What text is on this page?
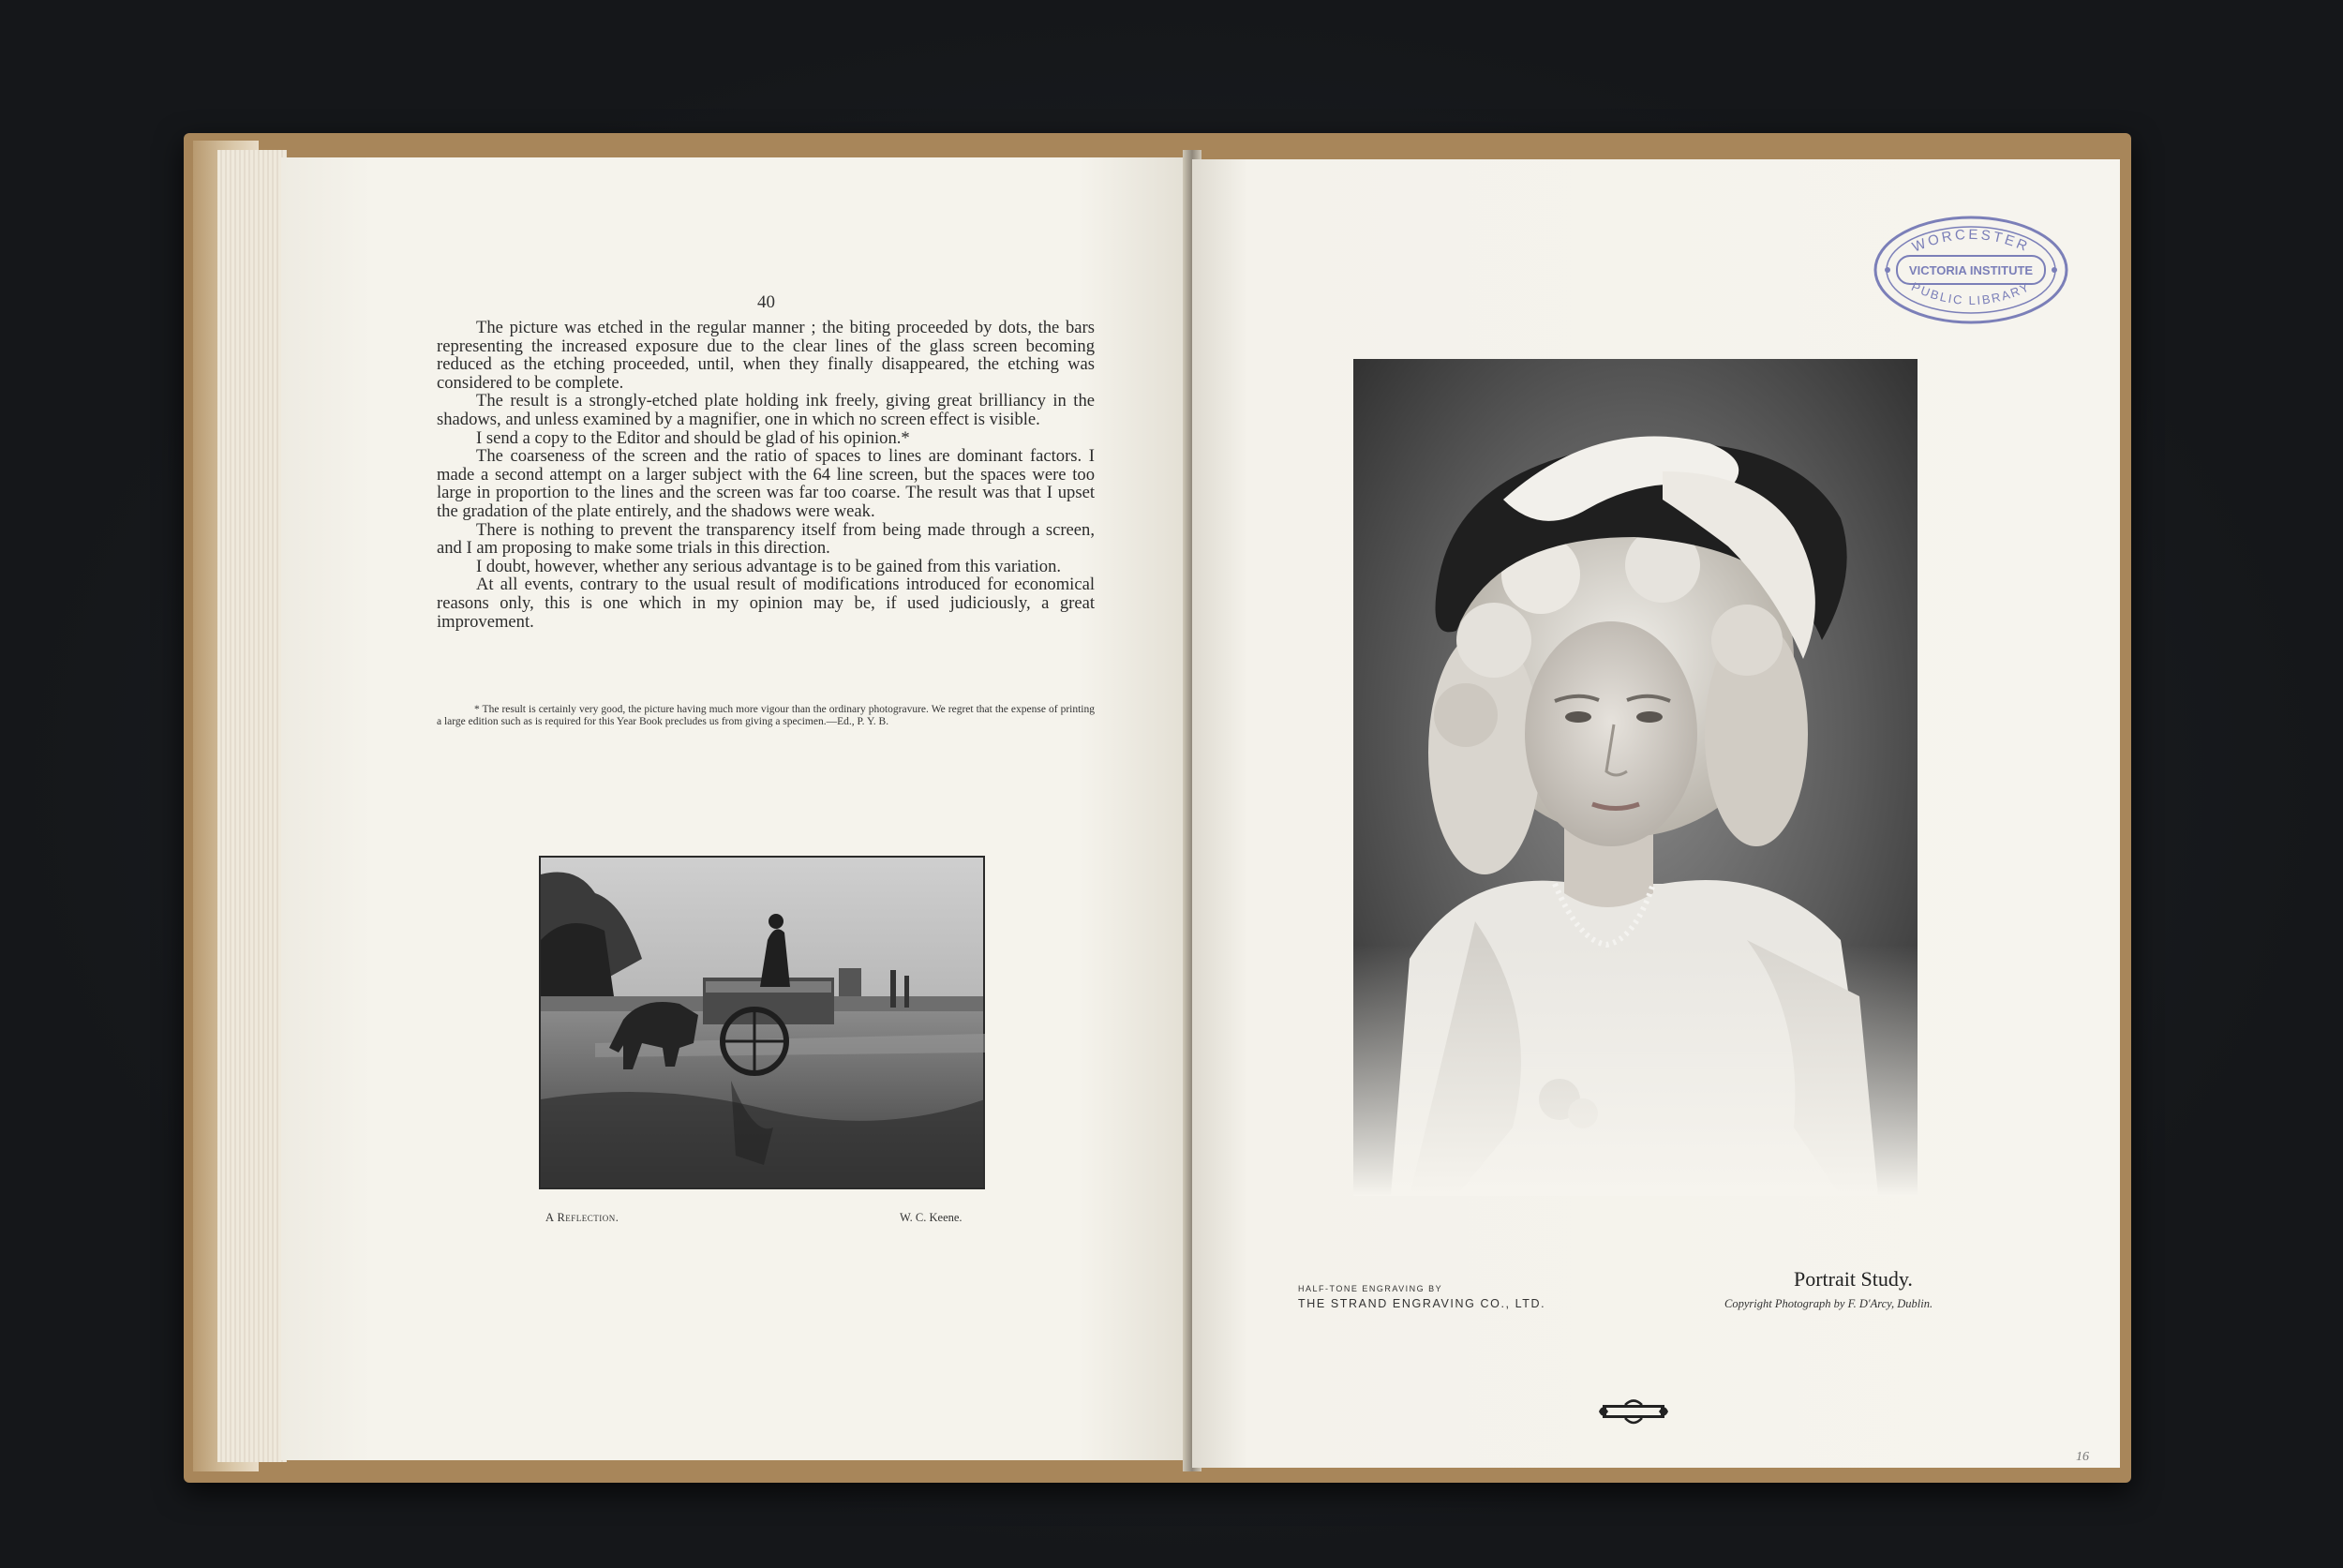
40

The picture was etched in the regular manner ; the biting proceeded by dots, the bars representing the increased exposure due to the clear lines of the glass screen becoming reduced as the etching proceeded, until, when they finally disappeared, the etching was considered to be complete.

The result is a strongly-etched plate holding ink freely, giving great brilliancy in the shadows, and unless examined by a magnifier, one in which no screen effect is visible.

I send a copy to the Editor and should be glad of his opinion.*

The coarseness of the screen and the ratio of spaces to lines are dominant factors. I made a second attempt on a larger subject with the 64 line screen, but the spaces were too large in proportion to the lines and the screen was far too coarse. The result was that I upset the gradation of the plate entirely, and the shadows were weak.

There is nothing to prevent the transparency itself from being made through a screen, and I am proposing to make some trials in this direction.

I doubt, however, whether any serious advantage is to be gained from this variation.

At all events, contrary to the usual result of modifications introduced for economical reasons only, this is one which in my opinion may be, if used judiciously, a great improvement.

* The result is certainly very good, the picture having much more vigour than the ordinary photogravure. We regret that the expense of printing a large edition such as is required for this Year Book precludes us from giving a specimen.—Ed., P. Y. B.

A Reflection.	W. C. Keene.
WORCESTER
VICTORIA INSTITUTE
PUBLIC LIBRARY
HALF-TONE ENGRAVING BY
THE STRAND ENGRAVING CO., LTD.
Portrait Study.
Copyright Photograph by F. D'Arcy, Dublin.
16
